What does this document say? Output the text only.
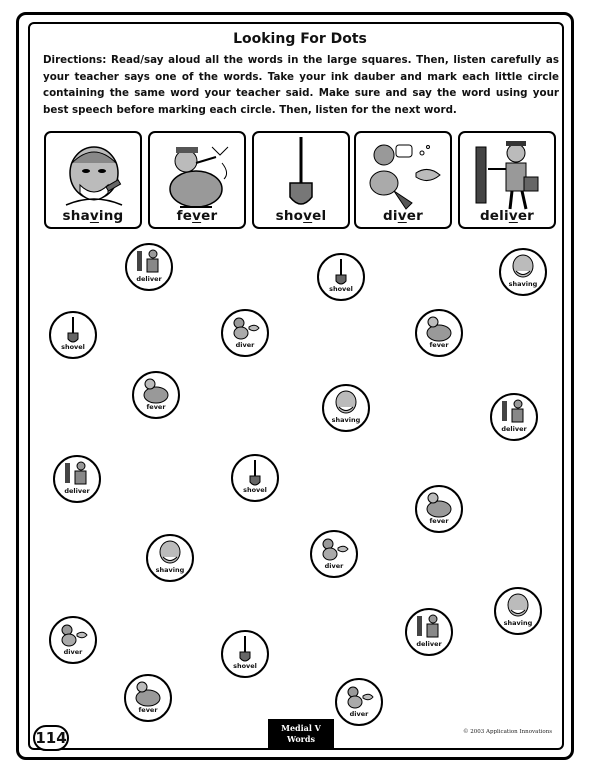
Looking For Dots
Directions: Read/say aloud all the words in the large squares. Then, listen carefully as your teacher says one of the words. Take your ink dauber and mark each little circle containing the same word your teacher said. Make sure and say the word using your best speech before marking each circle. Then, listen for the next word.
shaving	fever	shovel	diver	deliver
deliver
shovel
shaving
shovel	diver	fever
fever
shaving
deliver
deliver	shovel
fever
shaving	diver
shaving
diver
shovel
deliver
fever	diver
114
Medial V
Words
© 2003 Application Innovations
